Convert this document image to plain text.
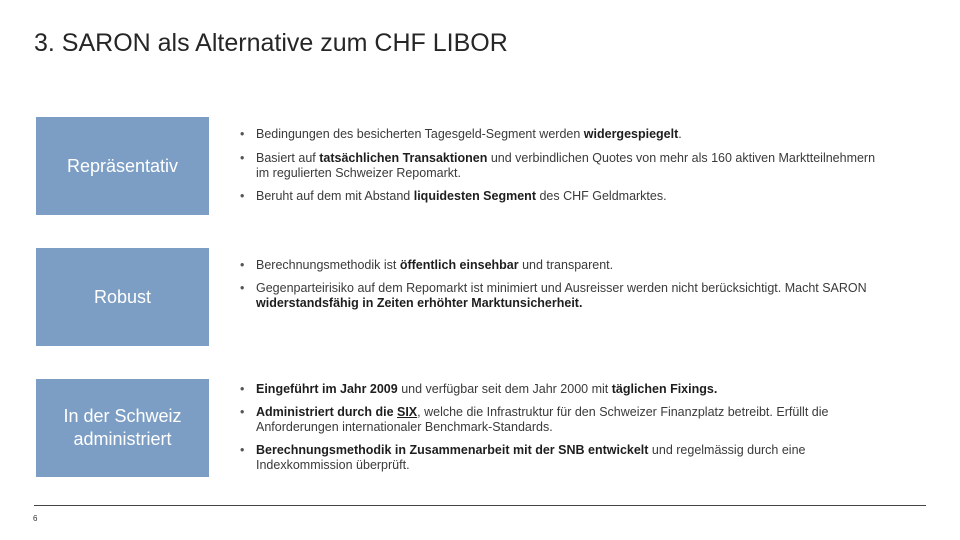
3. SARON als Alternative zum CHF LIBOR
Repräsentativ
• Bedingungen des besicherten Tagesgeld-Segment werden widergespiegelt.
• Basiert auf tatsächlichen Transaktionen und verbindlichen Quotes von mehr als 160 aktiven Marktteilnehmern im regulierten Schweizer Repomarkt.
• Beruht auf dem mit Abstand liquidesten Segment des CHF Geldmarktes.
Robust
• Berechnungsmethodik ist öffentlich einsehbar und transparent.
• Gegenparteirisiko auf dem Repomarkt ist minimiert und Ausreisser werden nicht berücksichtigt. Macht SARON widerstandsfähig in Zeiten erhöhter Marktunsicherheit.
In der Schweiz administriert
• Eingeführt im Jahr 2009 und verfügbar seit dem Jahr 2000 mit täglichen Fixings.
• Administriert durch die SIX, welche die Infrastruktur für den Schweizer Finanzplatz betreibt. Erfüllt die Anforderungen internationaler Benchmark-Standards.
• Berechnungsmethodik in Zusammenarbeit mit der SNB entwickelt und regelmässig durch eine Indexkommission überprüft.
6
